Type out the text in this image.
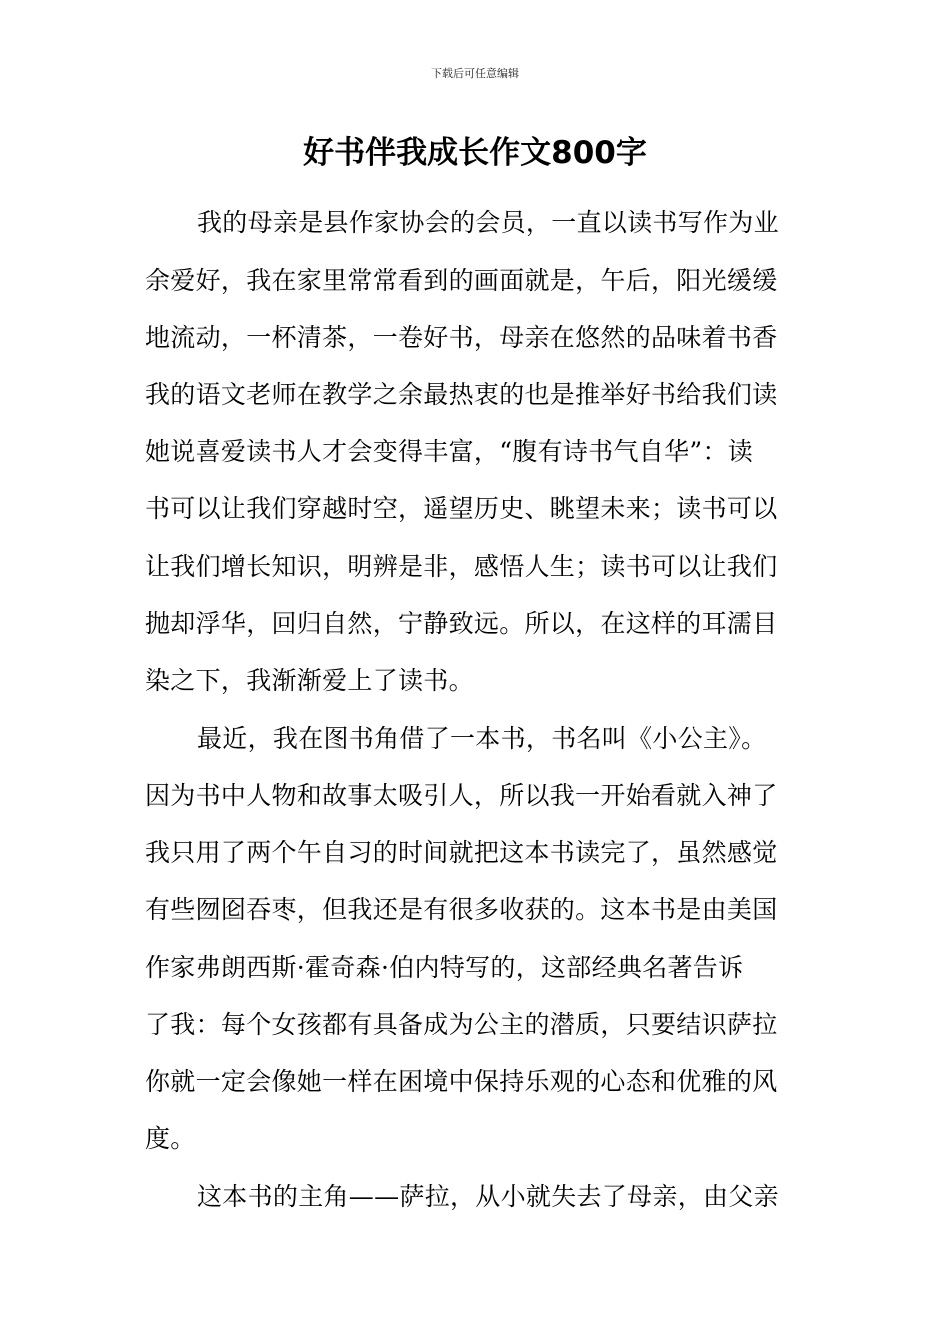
下载后可任意编辑
好书伴我成长作文800字
我的母亲是县作家协会的会员，一直以读书写作为业
余爱好，我在家里常常看到的画面就是，午后，阳光缓缓
地流动，一杯清茶，一卷好书，母亲在悠然的品味着书香
我的语文老师在教学之余最热衷的也是推举好书给我们读
她说喜爱读书人才会变得丰富，“腹有诗书气自华”：读
书可以让我们穿越时空，遥望历史、眺望未来；读书可以
让我们增长知识，明辨是非，感悟人生；读书可以让我们
抛却浮华，回归自然，宁静致远。所以，在这样的耳濡目
染之下，我渐渐爱上了读书。
最近，我在图书角借了一本书，书名叫《小公主》。
因为书中人物和故事太吸引人，所以我一开始看就入神了
我只用了两个午自习的时间就把这本书读完了，虽然感觉
有些囫囵吞枣，但我还是有很多收获的。这本书是由美国
作家弗朗西斯·霍奇森·伯内特写的，这部经典名著告诉
了我：每个女孩都有具备成为公主的潜质，只要结识萨拉
你就一定会像她一样在困境中保持乐观的心态和优雅的风
度。
这本书的主角——萨拉，从小就失去了母亲，由父亲
